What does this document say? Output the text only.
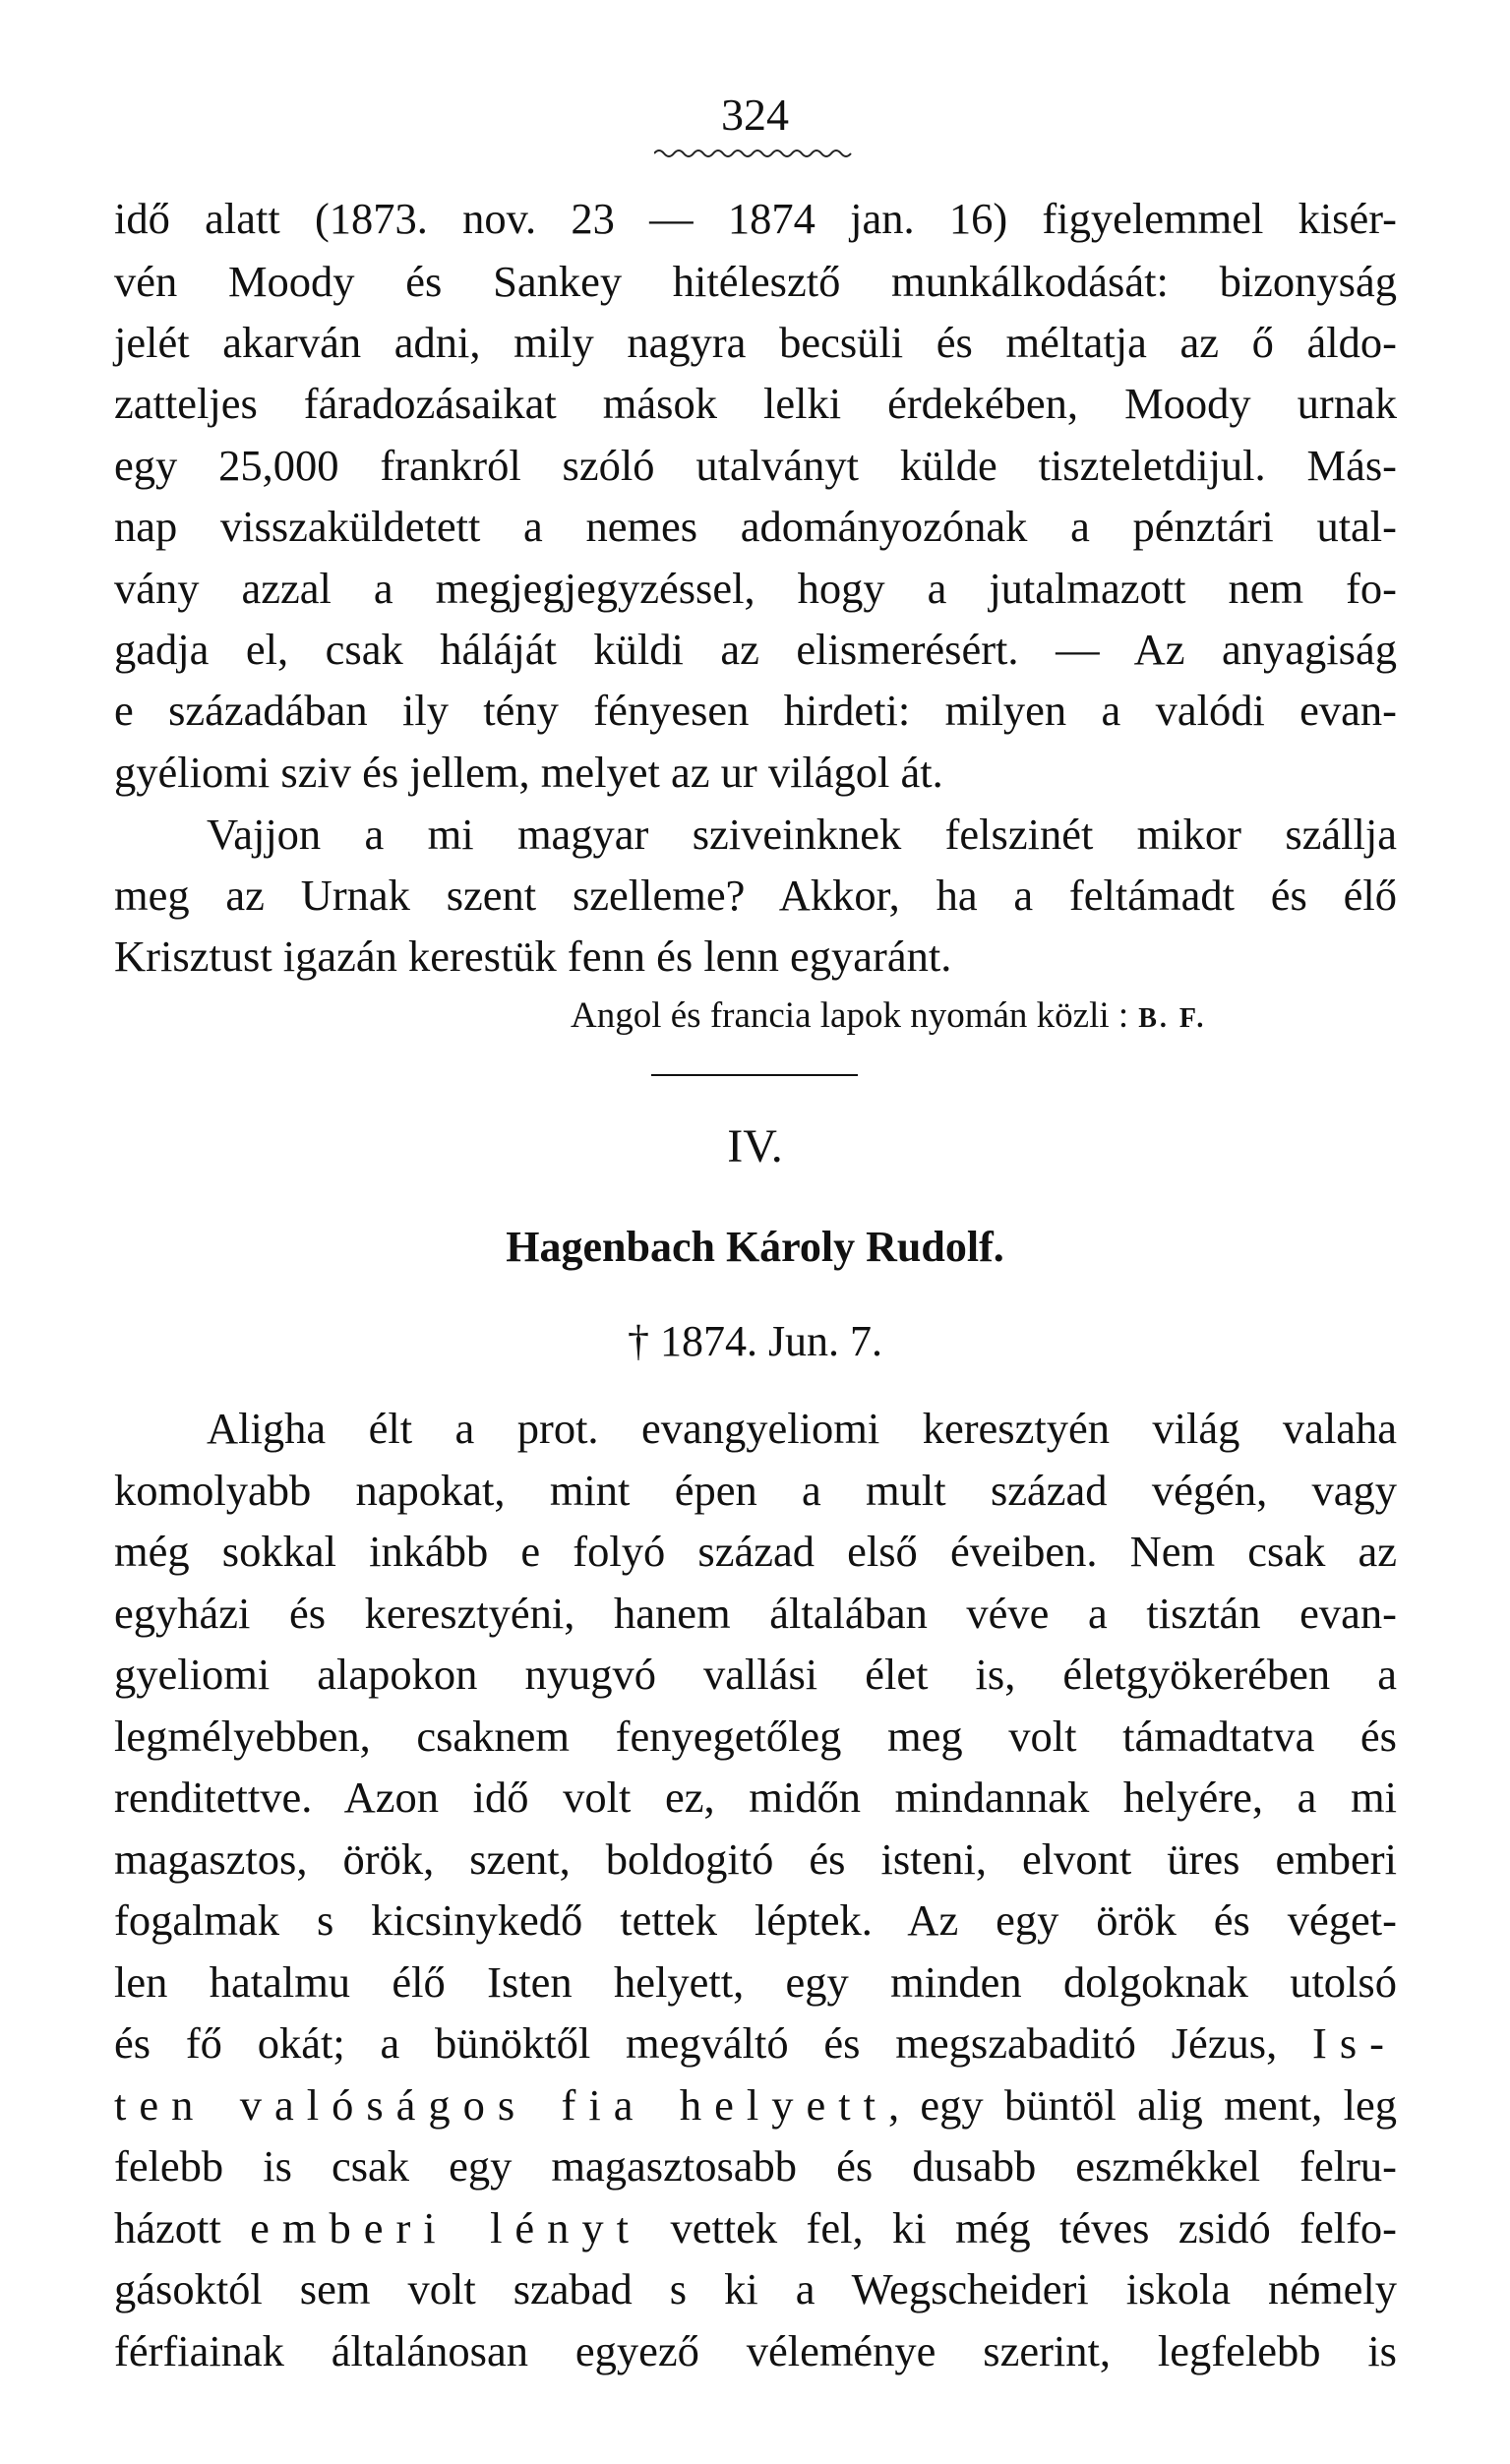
324
idő alatt (1873. nov. 23 — 1874 jan. 16) figyelemmel kisér-
vén Moody és Sankey hitélesztő munkálkodását: bizonyság
jelét akarván adni, mily nagyra becsüli és méltatja az ő áldo-
zatteljes fáradozásaikat mások lelki érdekében, Moody urnak
egy 25,000 frankról szóló utalványt külde tiszteletdijul. Más-
nap visszaküldetett a nemes adományozónak a pénztári utal-
vány azzal a megjegjegyzéssel, hogy a jutalmazott nem fo-
gadja el, csak háláját küldi az elismerésért. — Az anyagiság
e századában ily tény fényesen hirdeti: milyen a valódi evan-
gyéliomi sziv és jellem, melyet az ur világol át.
Vajjon a mi magyar sziveinknek felszinét mikor szállja
meg az Urnak szent szelleme? Akkor, ha a feltámadt és élő
Krisztust igazán kerestük fenn és lenn egyaránt.
Angol és francia lapok nyomán közli : B. F.
IV.
Hagenbach Károly Rudolf.
† 1874. Jun. 7.
Aligha élt a prot. evangyeliomi keresztyén világ valaha
komolyabb napokat, mint épen a mult század végén, vagy
még sokkal inkább e folyó század első éveiben. Nem csak az
egyházi és keresztyéni, hanem általában véve a tisztán evan-
gyeliomi alapokon nyugvó vallási élet is, életgyökerében a
legmélyebben, csaknem fenyegetőleg meg volt támadtatva és
renditettve. Azon idő volt ez, midőn mindannak helyére, a mi
magasztos, örök, szent, boldogitó és isteni, elvont üres emberi
fogalmak s kicsinykedő tettek léptek. Az egy örök és véget-
len hatalmu élő Isten helyett, egy minden dolgoknak utolsó
és fő okát; a bünöktől megváltó és megszabaditó Jézus, Is-
ten valóságos fia helyett, egy büntöl alig ment, leg
felebb is csak egy magasztosabb és dusabb eszmékkel felru-
házott emberi lényt vettek fel, ki még téves zsidó felfo-
gásoktól sem volt szabad s ki a Wegscheideri iskola némely
férfiainak általánosan egyező véleménye szerint, legfelebb is
